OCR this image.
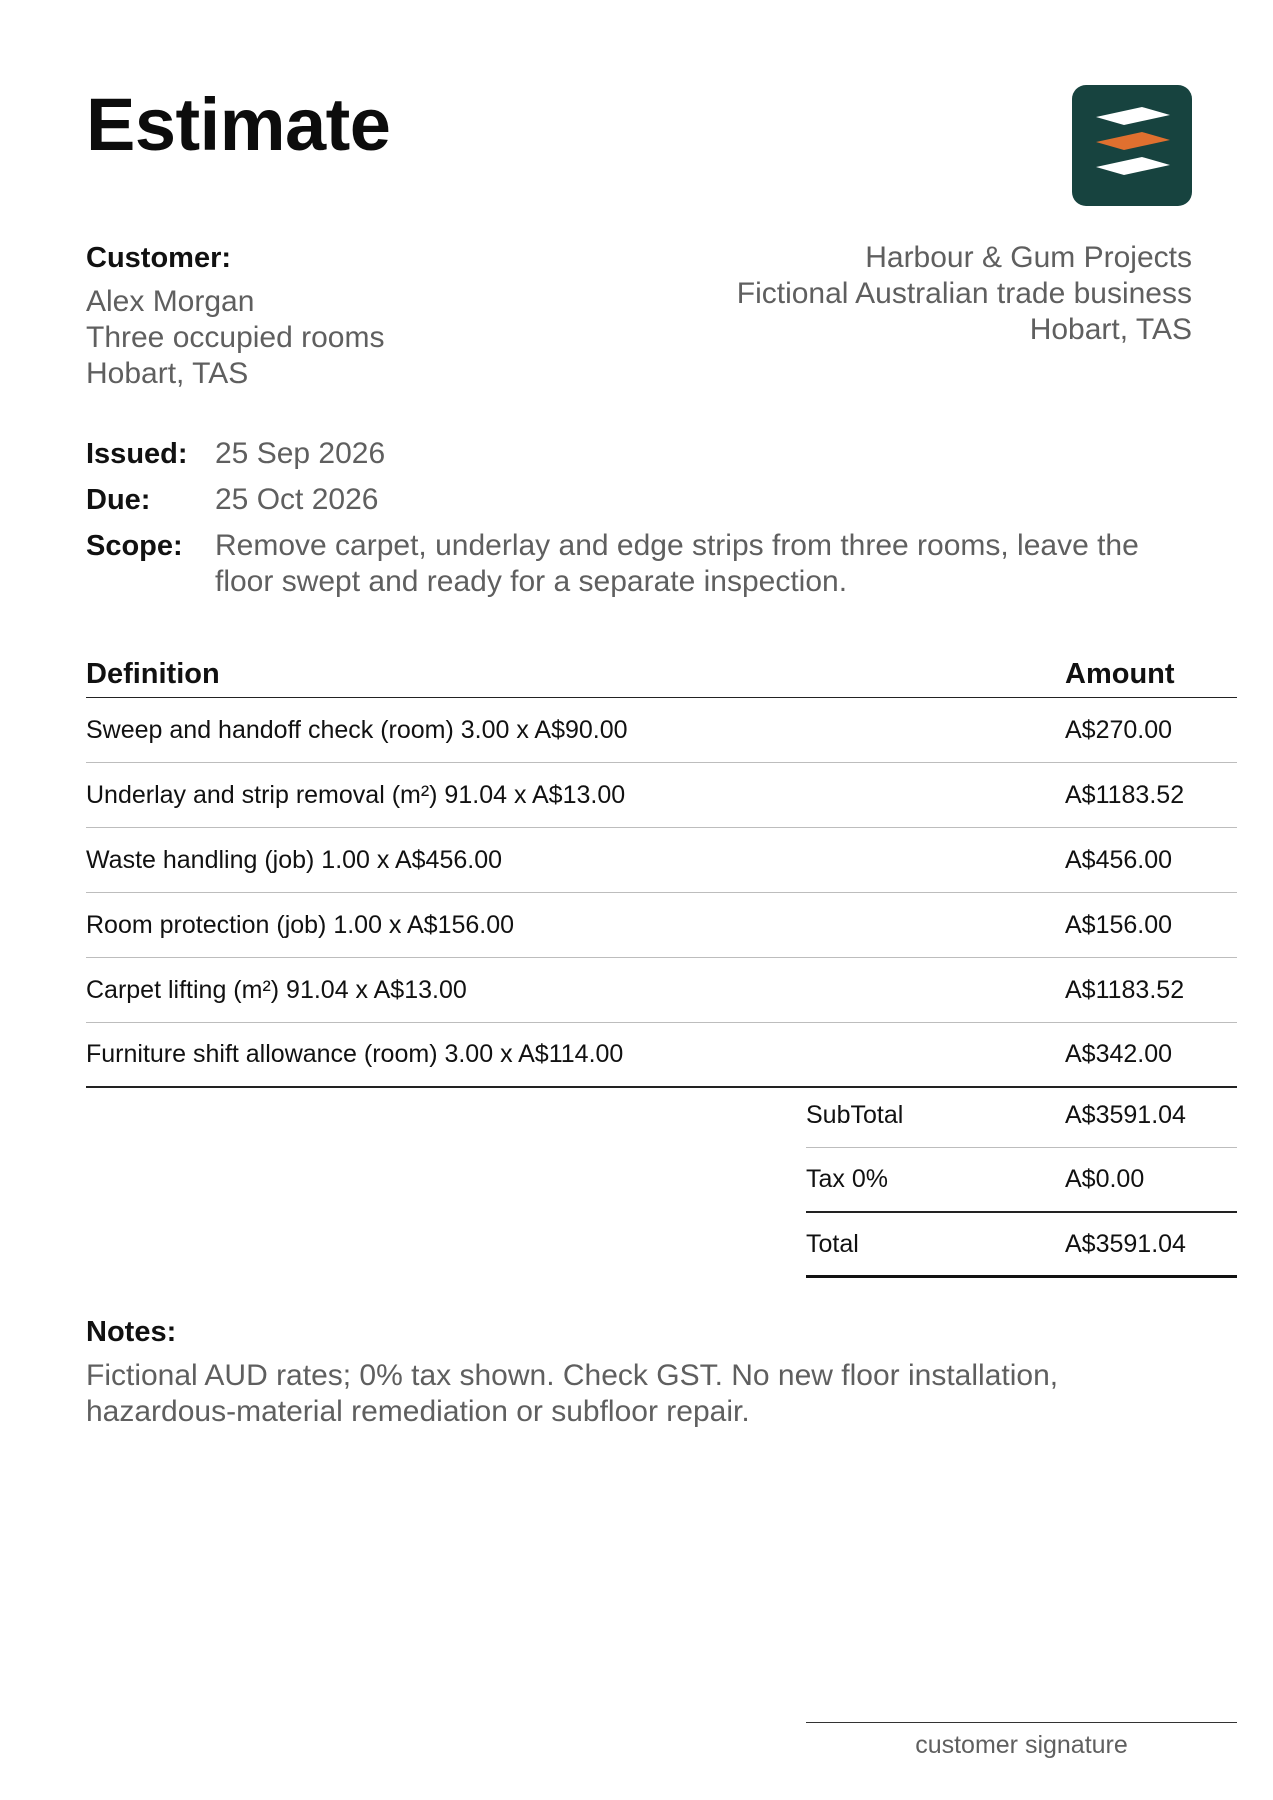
Estimate
Customer:
Alex Morgan
Three occupied rooms
Hobart, TAS
Harbour & Gum Projects
Fictional Australian trade business
Hobart, TAS
Issued: 25 Sep 2026
Due:	25 Oct 2026
Scope:	Remove carpet, underlay and edge strips from three rooms, leave the floor swept and ready for a separate inspection.
Definition	Amount
Sweep and handoff check (room) 3.00 x A$90.00	A$270.00
Underlay and strip removal (m²) 91.04 x A$13.00	A$1183.52
Waste handling (job) 1.00 x A$456.00	A$456.00
Room protection (job) 1.00 x A$156.00	A$156.00
Carpet lifting (m²) 91.04 x A$13.00	A$1183.52
Furniture shift allowance (room) 3.00 x A$114.00	A$342.00
SubTotal	A$3591.04
Tax 0%	A$0.00
Total	A$3591.04
Notes:
Fictional AUD rates; 0% tax shown. Check GST. No new floor installation, hazardous-material remediation or subfloor repair.
customer signature
